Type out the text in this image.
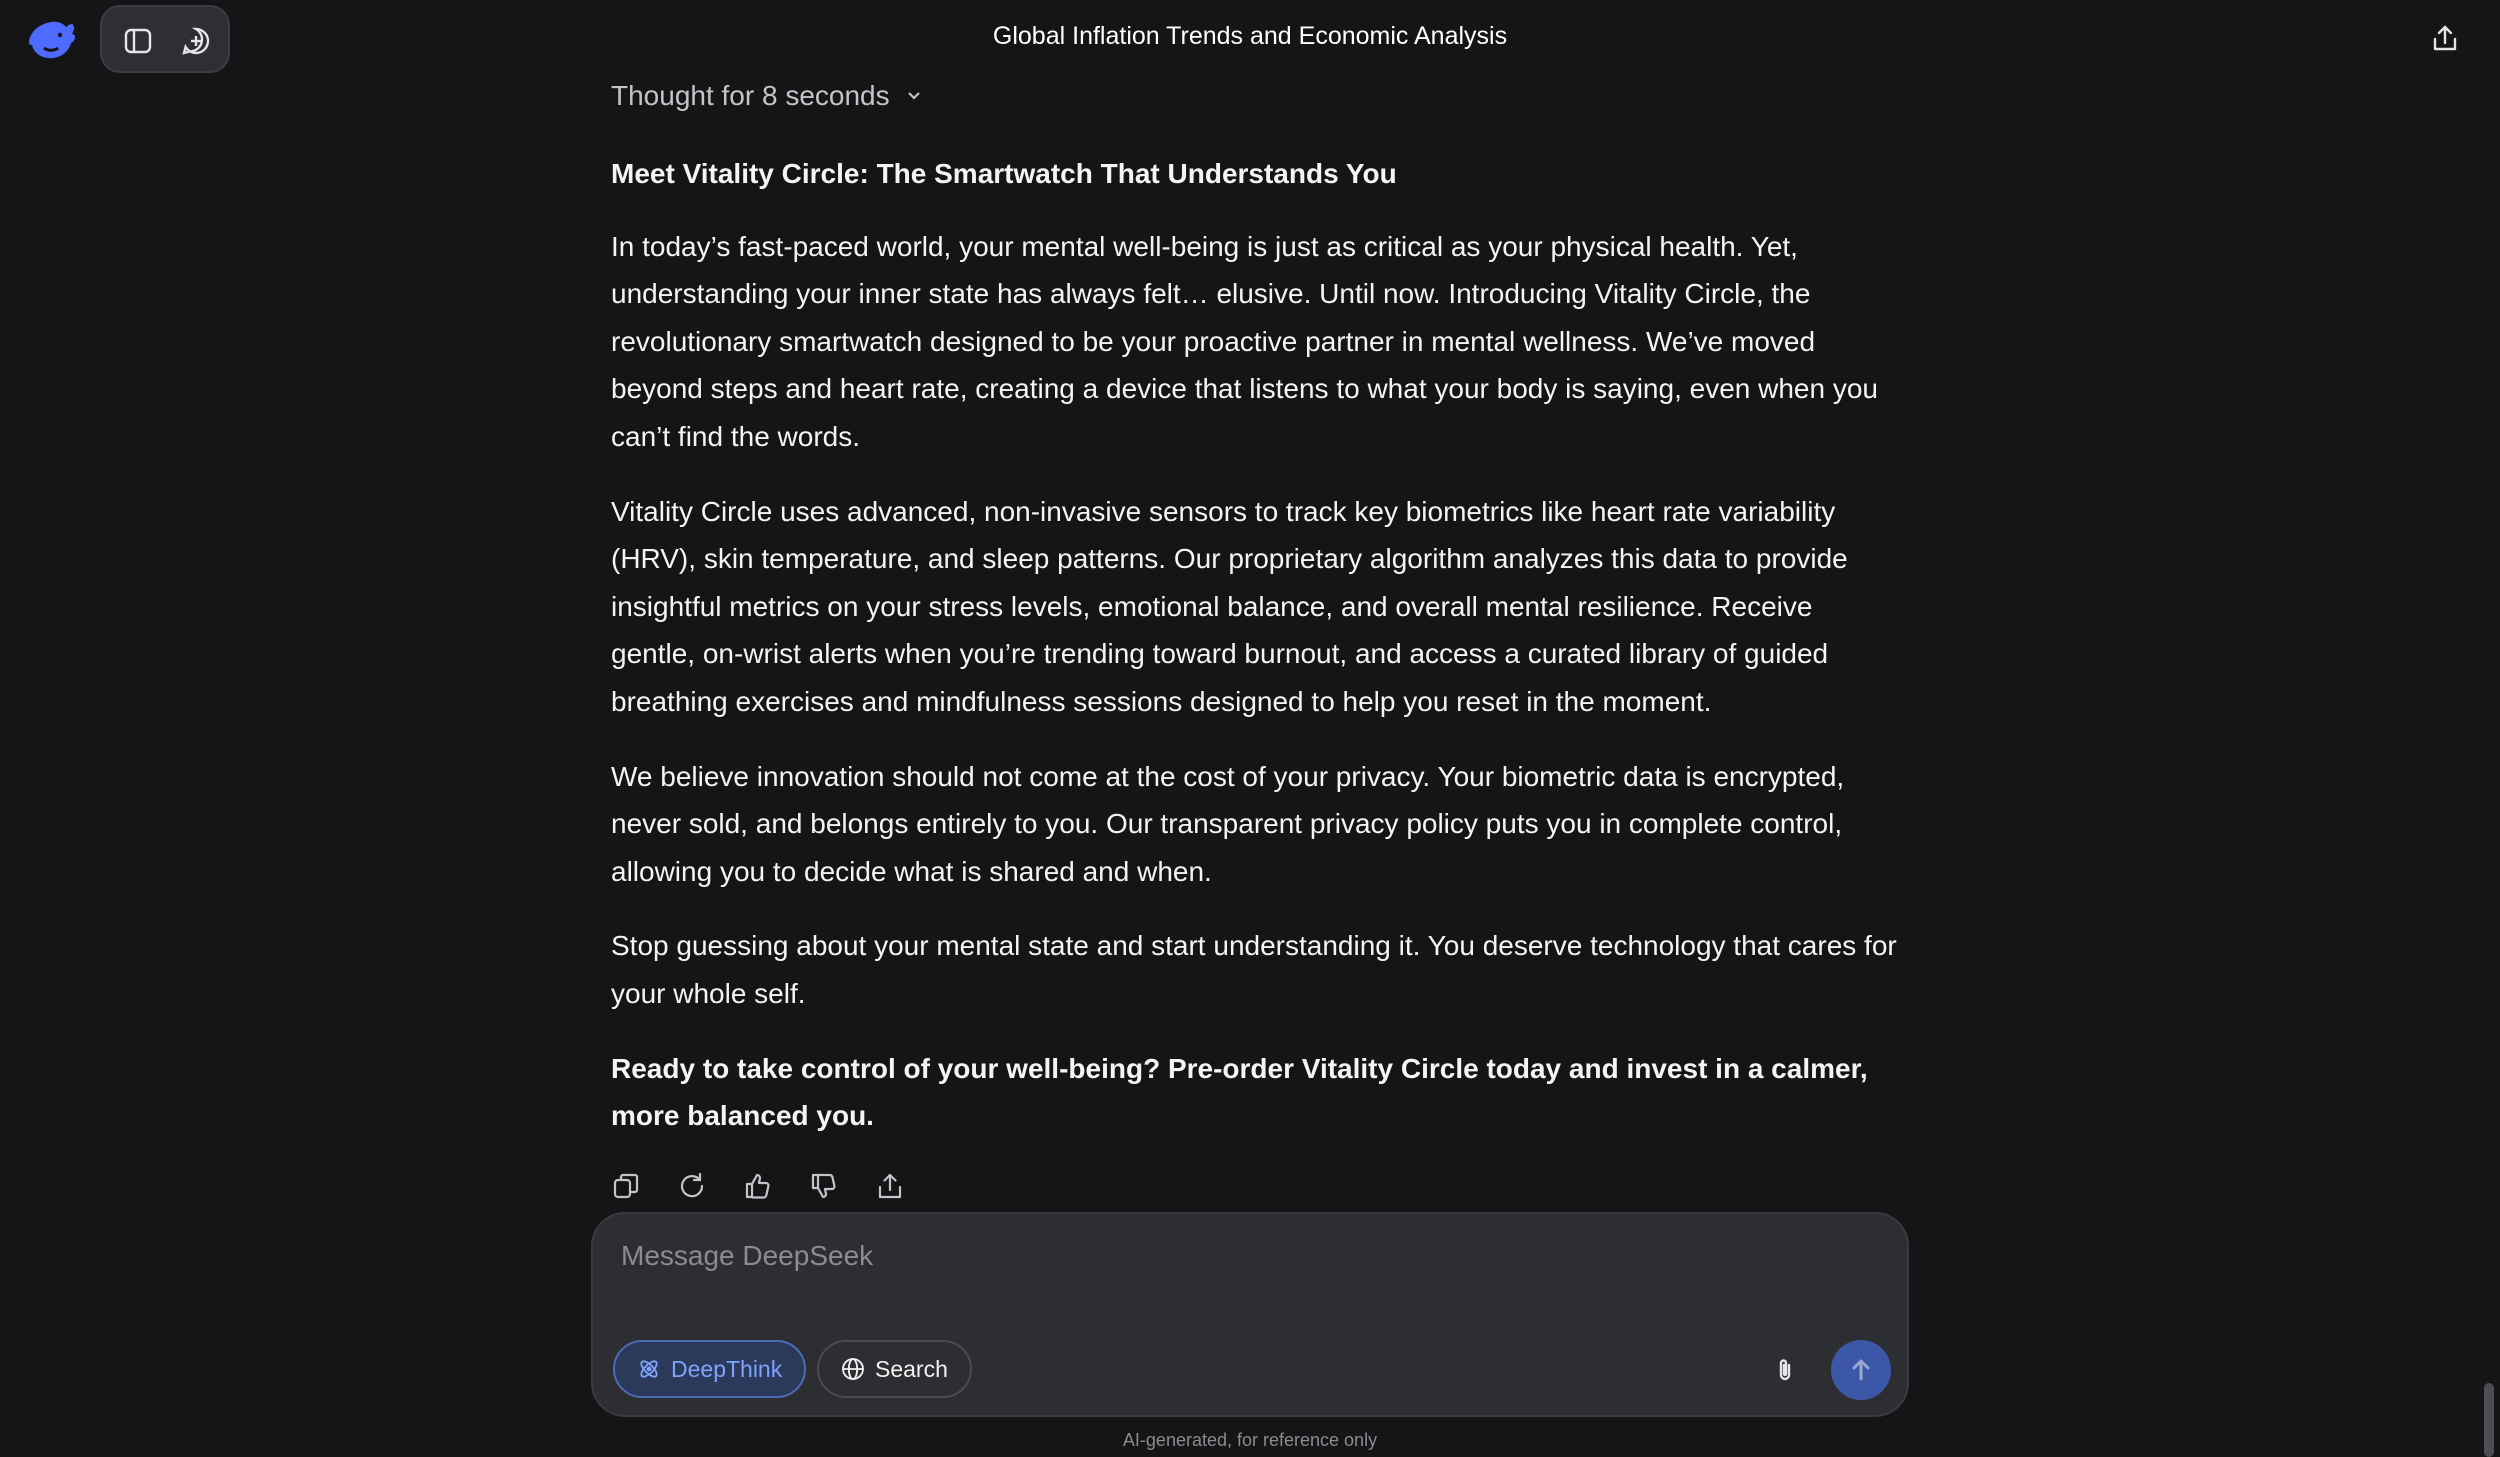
Global Inflation Trends and Economic Analysis
Thought for 8 seconds

Meet Vitality Circle: The Smartwatch That Understands You

In today’s fast-paced world, your mental well-being is just as critical as your physical health. Yet, understanding your inner state has always felt… elusive. Until now. Introducing Vitality Circle, the revolutionary smartwatch designed to be your proactive partner in mental wellness. We’ve moved beyond steps and heart rate, creating a device that listens to what your body is saying, even when you can’t find the words.

Vitality Circle uses advanced, non-invasive sensors to track key biometrics like heart rate variability (HRV), skin temperature, and sleep patterns. Our proprietary algorithm analyzes this data to provide insightful metrics on your stress levels, emotional balance, and overall mental resilience. Receive gentle, on-wrist alerts when you’re trending toward burnout, and access a curated library of guided breathing exercises and mindfulness sessions designed to help you reset in the moment.

We believe innovation should not come at the cost of your privacy. Your biometric data is encrypted, never sold, and belongs entirely to you. Our transparent privacy policy puts you in complete control, allowing you to decide what is shared and when.

Stop guessing about your mental state and start understanding it. You deserve technology that cares for your whole self.

Ready to take control of your well-being? Pre-order Vitality Circle today and invest in a calmer, more balanced you.

Message DeepSeek
DeepThink	Search
AI-generated, for reference only
